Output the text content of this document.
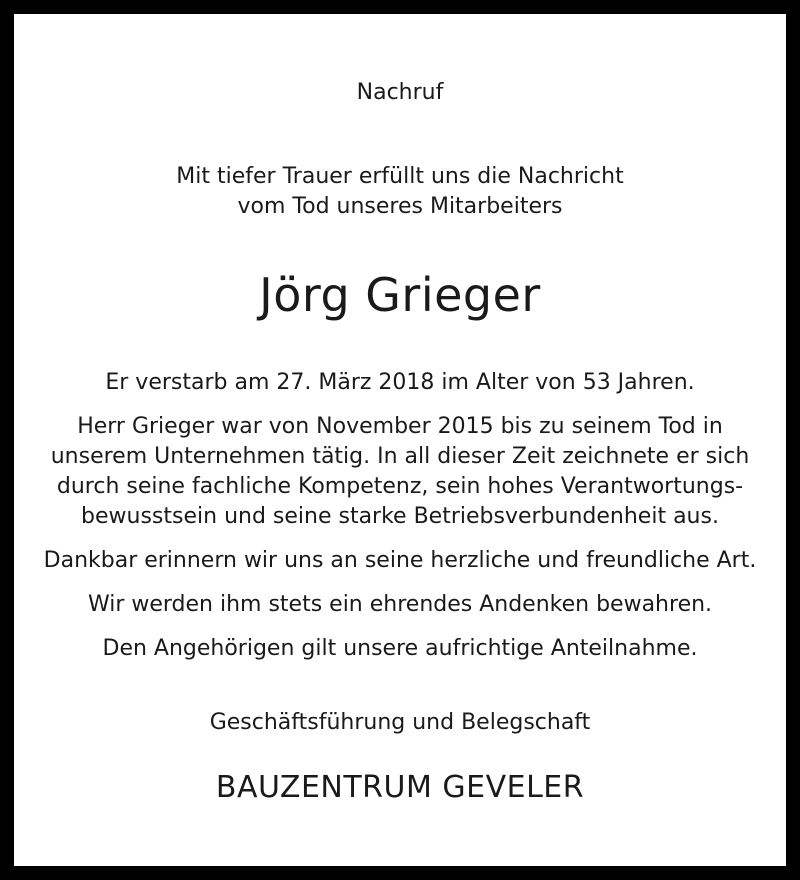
Nachruf
Mit tiefer Trauer erfüllt uns die Nachricht
vom Tod unseres Mitarbeiters
Jörg Grieger
Er verstarb am 27. März 2018 im Alter von 53 Jahren.
Herr Grieger war von November 2015 bis zu seinem Tod in
unserem Unternehmen tätig. In all dieser Zeit zeichnete er sich
durch seine fachliche Kompetenz, sein hohes Verantwortungs-
bewusstsein und seine starke Betriebsverbundenheit aus.
Dankbar erinnern wir uns an seine herzliche und freundliche Art.
Wir werden ihm stets ein ehrendes Andenken bewahren.
Den Angehörigen gilt unsere aufrichtige Anteilnahme.
Geschäftsführung und Belegschaft
BAUZENTRUM GEVELER
